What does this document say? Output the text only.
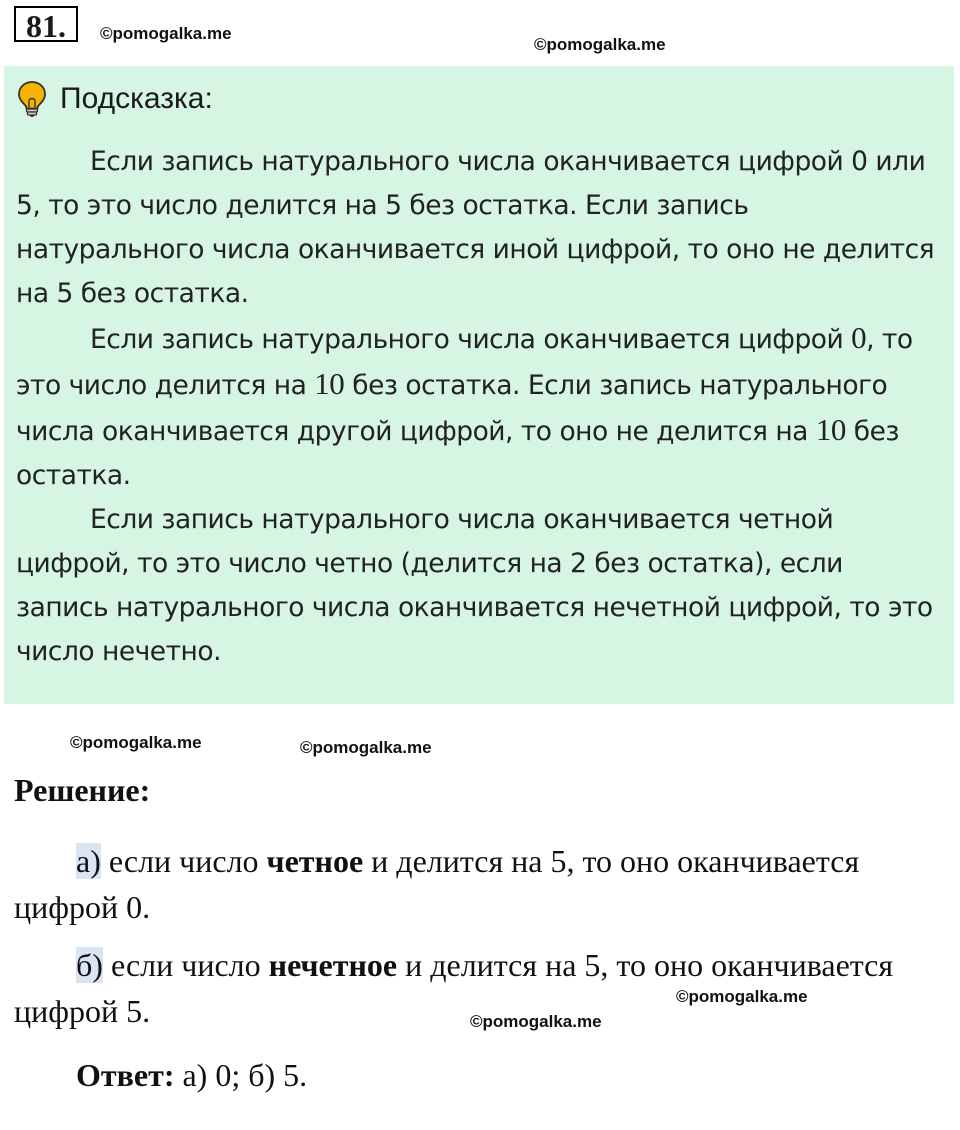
81.	©pomogalka.me
©pomogalka.me
Подсказка:

Если запись натурального числа оканчивается цифрой 0 или 5, то это число делится на 5 без остатка. Если запись натурального числа оканчивается иной цифрой, то оно не делится на 5 без остатка.

Если запись натурального числа оканчивается цифрой 0, то это число делится на 10 без остатка. Если запись натурального числа оканчивается другой цифрой, то оно не делится на 10 без остатка.

Если запись натурального числа оканчивается четной цифрой, то это число четно (делится на 2 без остатка), если запись натурального числа оканчивается нечетной цифрой, то это число нечетно.

©pomogalka.me	©pomogalka.me
Решение:

а) если число четное и делится на 5, то оно оканчивается цифрой 0.

б) если число нечетное и делится на 5, то оно оканчивается цифрой 5.

Ответ: а) 0; б) 5.

©pomogalka.me
©pomogalka.me
